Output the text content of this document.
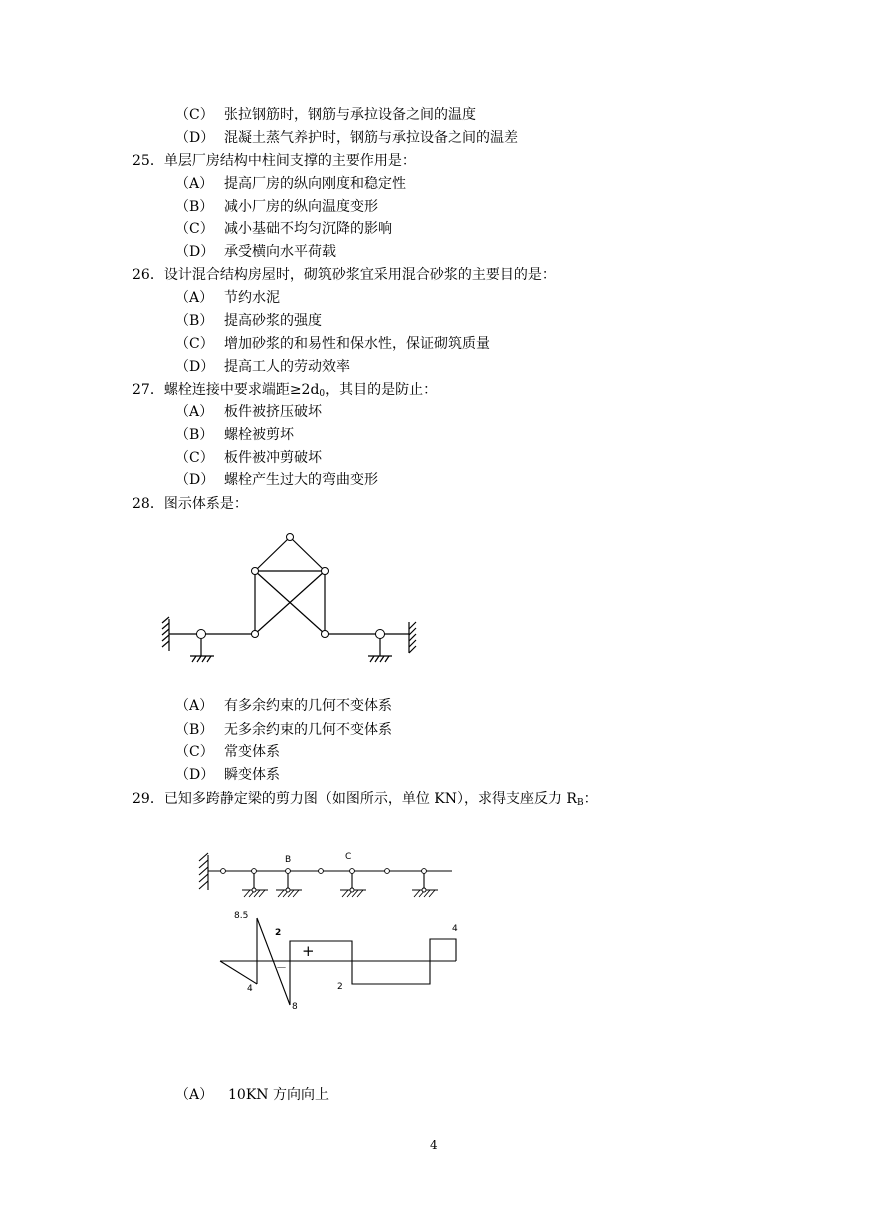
（C） 张拉钢筋时，钢筋与承拉设备之间的温度
（D） 混凝土蒸气养护时，钢筋与承拉设备之间的温差
25．单层厂房结构中柱间支撑的主要作用是：
（A） 提高厂房的纵向刚度和稳定性
（B） 减小厂房的纵向温度变形
（C） 减小基础不均匀沉降的影响
（D） 承受横向水平荷载
26．设计混合结构房屋时，砌筑砂浆宜采用混合砂浆的主要目的是：
（A） 节约水泥
（B） 提高砂浆的强度
（C） 增加砂浆的和易性和保水性，保证砌筑质量
（D） 提高工人的劳动效率
27．螺栓连接中要求端距$\ge 2d_0$，其目的是防止：
（A） 板件被挤压破坏
（B） 螺栓被剪坏
（C） 板件被冲剪破坏
（D） 螺栓产生过大的弯曲变形
28．图示体系是：
（A） 有多余约束的几何不变体系
（B） 无多余约束的几何不变体系
（C） 常变体系
（D） 瞬变体系
29．已知多跨静定梁的剪力图（如图所示，单位 KN），求得支座反力 $R_B$：
B	C
8.5
4
2
－
+
2
8
4
（A） 10KN 方向向上
4
